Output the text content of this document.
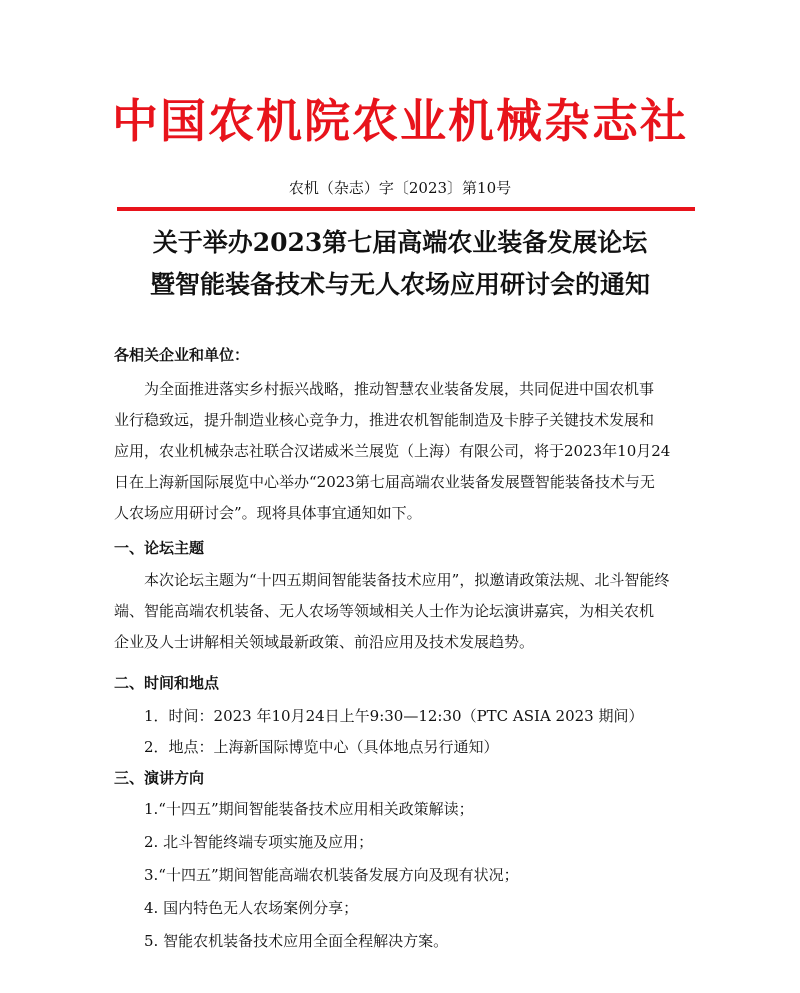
中国农机院农业机械杂志社
农机（杂志）字〔2023〕第10号
关于举办2023第七届高端农业装备发展论坛
暨智能装备技术与无人农场应用研讨会的通知
各相关企业和单位：
为全面推进落实乡村振兴战略，推动智慧农业装备发展，共同促进中国农机事
业行稳致远，提升制造业核心竞争力，推进农机智能制造及卡脖子关键技术发展和
应用，农业机械杂志社联合汉诺威米兰展览（上海）有限公司，将于2023年10月24
日在上海新国际展览中心举办“2023第七届高端农业装备发展暨智能装备技术与无
人农场应用研讨会”。现将具体事宜通知如下。
一、论坛主题
本次论坛主题为“十四五期间智能装备技术应用”，拟邀请政策法规、北斗智能终
端、智能高端农机装备、无人农场等领域相关人士作为论坛演讲嘉宾，为相关农机
企业及人士讲解相关领域最新政策、前沿应用及技术发展趋势。
二、时间和地点
1．时间：2023 年10月24日上午9:30—12:30（PTC ASIA 2023 期间）
2．地点：上海新国际博览中心（具体地点另行通知）
三、演讲方向
1.“十四五”期间智能装备技术应用相关政策解读；
2. 北斗智能终端专项实施及应用；
3.“十四五”期间智能高端农机装备发展方向及现有状况；
4. 国内特色无人农场案例分享；
5. 智能农机装备技术应用全面全程解决方案。
